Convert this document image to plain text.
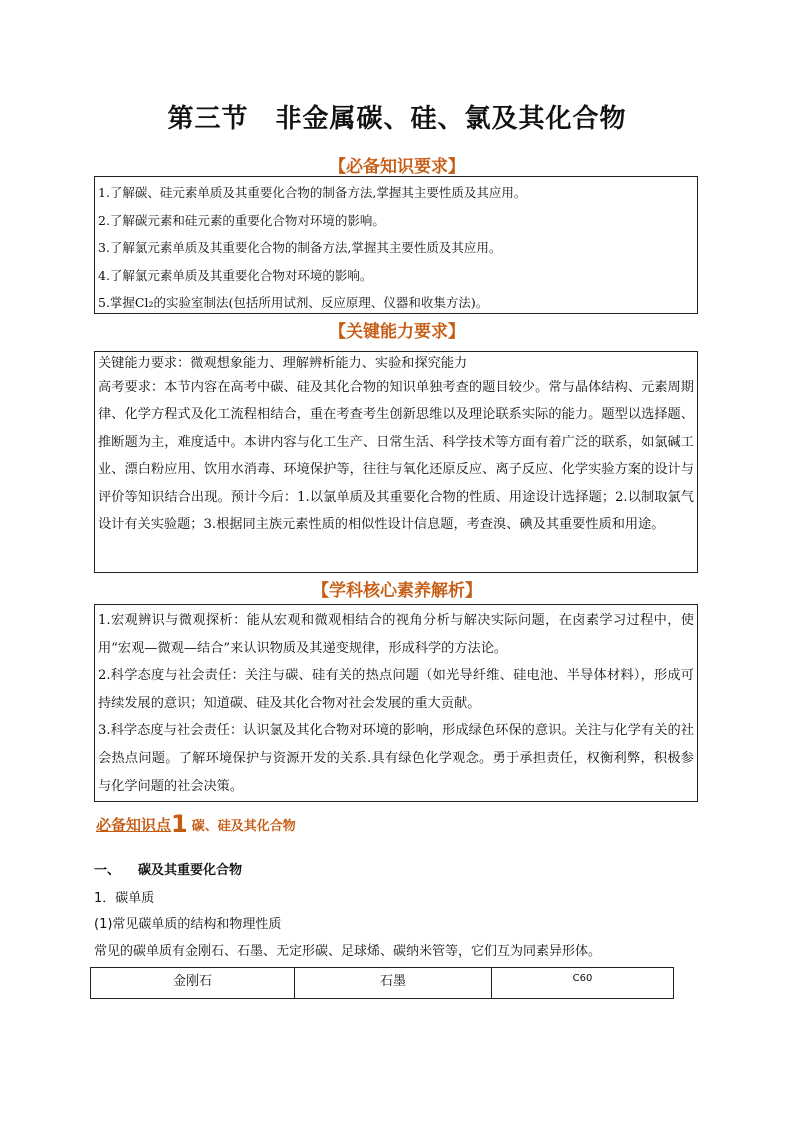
第三节　非金属碳、硅、氯及其化合物
【必备知识要求】
1.了解碳、硅元素单质及其重要化合物的制备方法,掌握其主要性质及其应用。
2.了解碳元素和硅元素的重要化合物对环境的影响。
3.了解氯元素单质及其重要化合物的制备方法,掌握其主要性质及其应用。
4.了解氯元素单质及其重要化合物对环境的影响。
5.掌握Cl₂的实验室制法(包括所用试剂、反应原理、仪器和收集方法)。
【关键能力要求】

关键能力要求：微观想象能力、理解辨析能力、实验和探究能力

高考要求：本节内容在高考中碳、硅及其化合物的知识单独考查的题目较少。常与晶体结构、元素周期律、化学方程式及化工流程相结合，重在考查考生创新思维以及理论联系实际的能力。题型以选择题、推断题为主，难度适中。本讲内容与化工生产、日常生活、科学技术等方面有着广泛的联系，如氯碱工业、漂白粉应用、饮用水消毒、环境保护等，往往与氧化还原反应、离子反应、化学实验方案的设计与评价等知识结合出现。预计今后：1.以氯单质及其重要化合物的性质、用途设计选择题；2.以制取氯气设计有关实验题；3.根据同主族元素性质的相似性设计信息题，考查溴、碘及其重要性质和用途。

【学科核心素养解析】

1.宏观辨识与微观探析：能从宏观和微观相结合的视角分析与解决实际问题，在卤素学习过程中，使用“宏观—微观—结合”来认识物质及其递变规律，形成科学的方法论。

2.科学态度与社会责任：关注与碳、硅有关的热点问题（如光导纤维、硅电池、半导体材料），形成可持续发展的意识；知道碳、硅及其化合物对社会发展的重大贡献。

3.科学态度与社会责任：认识氯及其化合物对环境的影响，形成绿色环保的意识。关注与化学有关的社会热点问题。了解环境保护与资源开发的关系.具有绿色化学观念。勇于承担责任，权衡利弊，积极参与化学问题的社会决策。

必备知识点1 碳、硅及其化合物
一、 碳及其重要化合物
1．碳单质
(1)常见碳单质的结构和物理性质
常见的碳单质有金刚石、石墨、无定形碳、足球烯、碳纳米管等，它们互为同素异形体。
金刚石	石墨	C60
